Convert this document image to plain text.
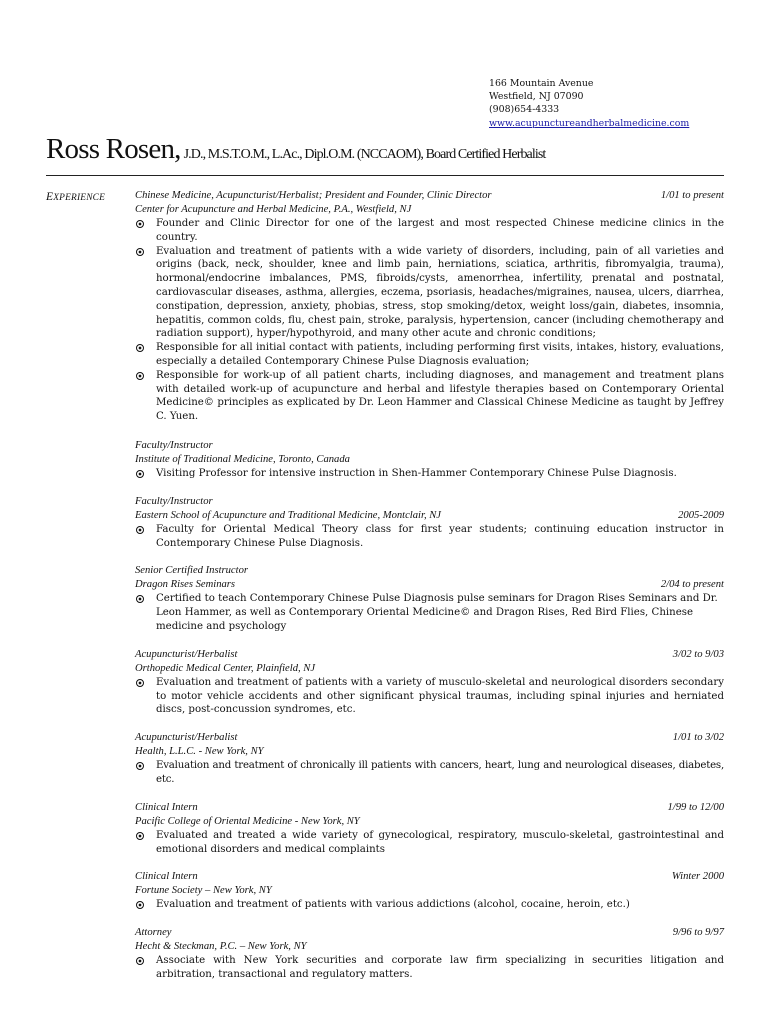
166 Mountain Avenue
Westfield, NJ 07090
(908)654-4333
www.acupunctureandherbalmedicine.com
Ross Rosen, J.D., M.S.T.O.M., L.Ac., Dipl.O.M. (NCCAOM), Board Certified Herbalist
EXPERIENCE	Chinese Medicine, Acupuncturist/Herbalist; President and Founder, Clinic Director	1/01 to present
Center for Acupuncture and Herbal Medicine, P.A., Westfield, NJ
Founder and Clinic Director for one of the largest and most respected Chinese medicine clinics in the country.
Evaluation and treatment of patients with a wide variety of disorders, including, pain of all varieties and origins (back, neck, shoulder, knee and limb pain, herniations, sciatica, arthritis, fibromyalgia, trauma), hormonal/endocrine imbalances, PMS, fibroids/cysts, amenorrhea, infertility, prenatal and postnatal, cardiovascular diseases, asthma, allergies, eczema, psoriasis, headaches/migraines, nausea, ulcers, diarrhea, constipation, depression, anxiety, phobias, stress, stop smoking/detox, weight loss/gain, diabetes, insomnia, hepatitis, common colds, flu, chest pain, stroke, paralysis, hypertension, cancer (including chemotherapy and radiation support), hyper/hypothyroid, and many other acute and chronic conditions;
Responsible for all initial contact with patients, including performing first visits, intakes, history, evaluations, especially a detailed Contemporary Chinese Pulse Diagnosis evaluation;
Responsible for work-up of all patient charts, including diagnoses, and management and treatment plans with detailed work-up of acupuncture and herbal and lifestyle therapies based on Contemporary Oriental Medicine© principles as explicated by Dr. Leon Hammer and Classical Chinese Medicine as taught by Jeffrey C. Yuen.
Faculty/Instructor
Institute of Traditional Medicine, Toronto, Canada
Visiting Professor for intensive instruction in Shen-Hammer Contemporary Chinese Pulse Diagnosis.
Faculty/Instructor
Eastern School of Acupuncture and Traditional Medicine, Montclair, NJ	2005-2009
Faculty for Oriental Medical Theory class for first year students; continuing education instructor in Contemporary Chinese Pulse Diagnosis.
Senior Certified Instructor
Dragon Rises Seminars	2/04 to present
Certified to teach Contemporary Chinese Pulse Diagnosis pulse seminars for Dragon Rises Seminars and Dr. Leon Hammer, as well as Contemporary Oriental Medicine© and Dragon Rises, Red Bird Flies, Chinese medicine and psychology
Acupuncturist/Herbalist	3/02 to 9/03
Orthopedic Medical Center, Plainfield, NJ
Evaluation and treatment of patients with a variety of musculo-skeletal and neurological disorders secondary to motor vehicle accidents and other significant physical traumas, including spinal injuries and herniated discs, post-concussion syndromes, etc.
Acupuncturist/Herbalist	1/01 to 3/02
Health, L.L.C. - New York, NY
Evaluation and treatment of chronically ill patients with cancers, heart, lung and neurological diseases, diabetes, etc.
Clinical Intern	1/99 to 12/00
Pacific College of Oriental Medicine - New York, NY
Evaluated and treated a wide variety of gynecological, respiratory, musculo-skeletal, gastrointestinal and emotional disorders and medical complaints
Clinical Intern	Winter 2000
Fortune Society – New York, NY
Evaluation and treatment of patients with various addictions (alcohol, cocaine, heroin, etc.)
Attorney	9/96 to 9/97
Hecht & Steckman, P.C. – New York, NY
Associate with New York securities and corporate law firm specializing in securities litigation and arbitration, transactional and regulatory matters.
